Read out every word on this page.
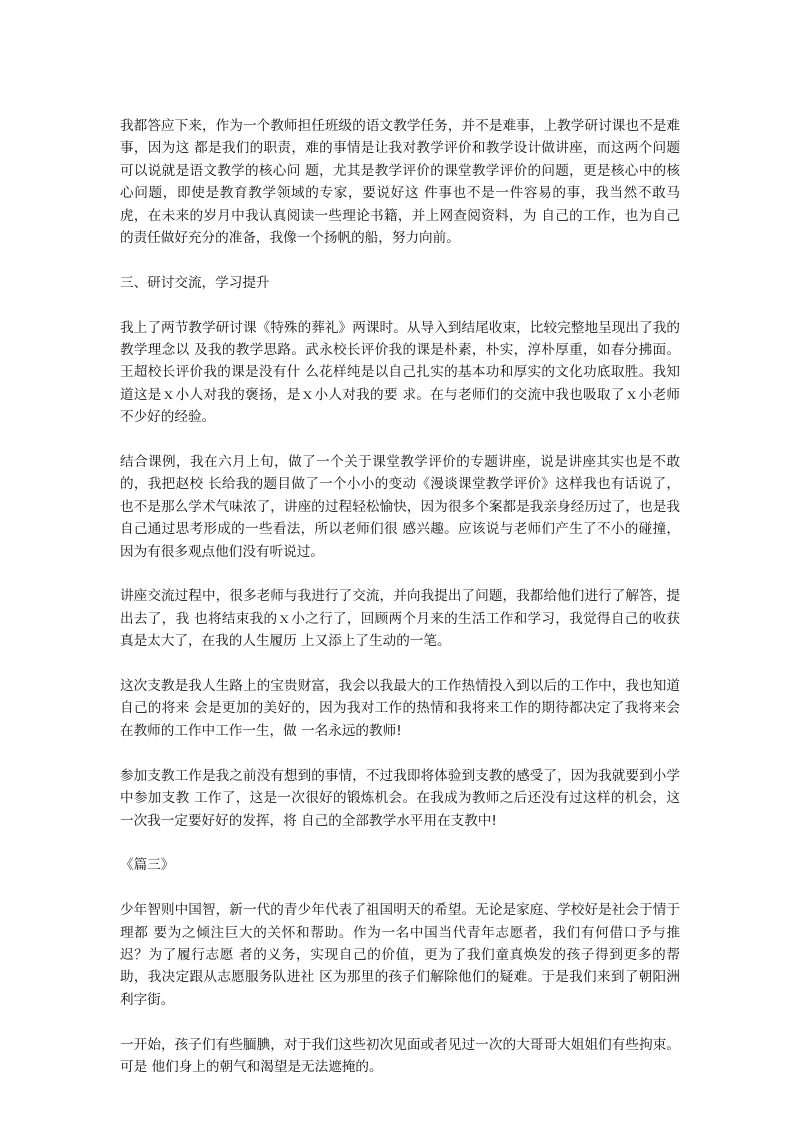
我都答应下来，作为一个教师担任班级的语文教学任务，并不是难事，上教学研讨课也不是难事，因为这 都是我们的职责，难的事情是让我对教学评价和教学设计做讲座，而这两个问题可以说就是语文教学的核心问 题，尤其是教学评价的课堂教学评价的问题，更是核心中的核心问题，即使是教育教学领域的专家，要说好这 件事也不是一件容易的事，我当然不敢马虎，在未来的岁月中我认真阅读一些理论书籍，并上网查阅资料，为 自己的工作，也为自己的责任做好充分的准备，我像一个扬帆的船，努力向前。

三、研讨交流，学习提升

我上了两节教学研讨课《特殊的葬礼》两课时。从导入到结尾收束，比较完整地呈现出了我的教学理念以 及我的教学思路。武永校长评价我的课是朴素，朴实，淳朴厚重，如春分拂面。王超校长评价我的课是没有什 么花样纯是以自己扎实的基本功和厚实的文化功底取胜。我知道这是ｘ小人对我的褒扬，是ｘ小人对我的要 求。在与老师们的交流中我也吸取了ｘ小老师不少好的经验。

结合课例，我在六月上旬，做了一个关于课堂教学评价的专题讲座，说是讲座其实也是不敢的，我把赵校 长给我的题目做了一个小小的变动《漫谈课堂教学评价》这样我也有话说了，也不是那么学术气味浓了，讲座的过程轻松愉快，因为很多个案都是我亲身经历过了，也是我自己通过思考形成的一些看法，所以老师们很 感兴趣。应该说与老师们产生了不小的碰撞，因为有很多观点他们没有听说过。

讲座交流过程中，很多老师与我进行了交流，并向我提出了问题，我都给他们进行了解答，提出去了，我 也将结束我的ｘ小之行了，回顾两个月来的生活工作和学习，我觉得自己的收获真是太大了，在我的人生履历 上又添上了生动的一笔。

这次支教是我人生路上的宝贵财富，我会以我最大的工作热情投入到以后的工作中，我也知道自己的将来 会是更加的美好的，因为我对工作的热情和我将来工作的期待都决定了我将来会在教师的工作中工作一生，做 一名永远的教师!

参加支教工作是我之前没有想到的事情，不过我即将体验到支教的感受了，因为我就要到小学中参加支教 工作了，这是一次很好的锻炼机会。在我成为教师之后还没有过这样的机会，这一次我一定要好好的发挥，将 自己的全部教学水平用在支教中!

《篇三》

少年智则中国智，新一代的青少年代表了祖国明天的希望。无论是家庭、学校好是社会于情于理都 要为之倾注巨大的关怀和帮助。作为一名中国当代青年志愿者，我们有何借口予与推迟？为了履行志愿 者的义务，实现自己的价值，更为了我们童真焕发的孩子得到更多的帮助，我决定跟从志愿服务队进社 区为那里的孩子们解除他们的疑难。于是我们来到了朝阳洲利字街。

一开始，孩子们有些腼腆，对于我们这些初次见面或者见过一次的大哥哥大姐姐们有些拘束。可是 他们身上的朝气和渴望是无法遮掩的。
